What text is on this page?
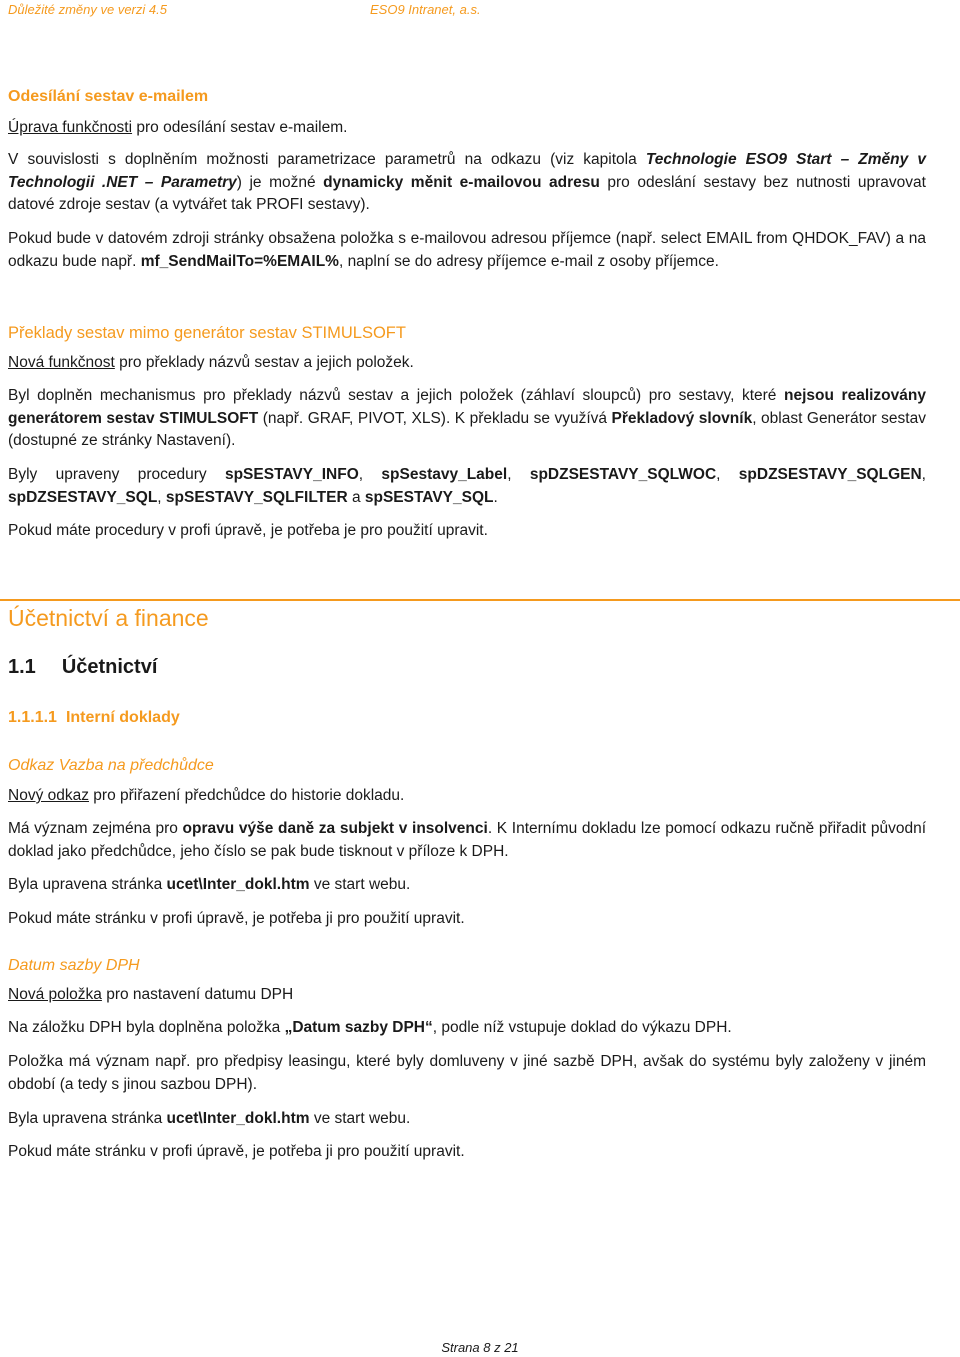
Důležité změny ve verzi 4.5	ESO9 Intranet, a.s.
Odesílání sestav e-mailem

Úprava funkčnosti pro odesílání sestav e-mailem.

V souvislosti s doplněním možnosti parametrizace parametrů na odkazu (viz kapitola Technologie ESO9 Start – Změny v Technologii .NET – Parametry) je možné dynamicky měnit e-mailovou adresu pro odeslání sestavy bez nutnosti upravovat datové zdroje sestav (a vytvářet tak PROFI sestavy).

Pokud bude v datovém zdroji stránky obsažena položka s e-mailovou adresou příjemce (např. select EMAIL from QHDOK_FAV) a na odkazu bude např. mf_SendMailTo=%EMAIL%, naplní se do adresy příjemce e-mail z osoby příjemce.

Překlady sestav mimo generátor sestav STIMULSOFT

Nová funkčnost pro překlady názvů sestav a jejich položek.

Byl doplněn mechanismus pro překlady názvů sestav a jejich položek (záhlaví sloupců) pro sestavy, které nejsou realizovány generátorem sestav STIMULSOFT (např. GRAF, PIVOT, XLS). K překladu se využívá Překladový slovník, oblast Generátor sestav (dostupné ze stránky Nastavení).

Byly upraveny procedury spSESTAVY_INFO, spSestavy_Label, spDZSESTAVY_SQLWOC, spDZSESTAVY_SQLGEN, spDZSESTAVY_SQL, spSESTAVY_SQLFILTER a spSESTAVY_SQL.

Pokud máte procedury v profi úpravě, je potřeba je pro použití upravit.

Účetnictví a finance
1.1 Účetnictví
1.1.1.1 Interní doklady
Odkaz Vazba na předchůdce

Nový odkaz pro přiřazení předchůdce do historie dokladu.

Má význam zejména pro opravu výše daně za subjekt v insolvenci. K Internímu dokladu lze pomocí odkazu ručně přiřadit původní doklad jako předchůdce, jeho číslo se pak bude tisknout v příloze k DPH.

Byla upravena stránka ucet\Inter_dokl.htm ve start webu.

Pokud máte stránku v profi úpravě, je potřeba ji pro použití upravit.

Datum sazby DPH

Nová položka pro nastavení datumu DPH

Na záložku DPH byla doplněna položka „Datum sazby DPH“, podle níž vstupuje doklad do výkazu DPH.

Položka má význam např. pro předpisy leasingu, které byly domluveny v jiné sazbě DPH, avšak do systému byly založeny v jiném období (a tedy s jinou sazbou DPH).

Byla upravena stránka ucet\Inter_dokl.htm ve start webu.

Pokud máte stránku v profi úpravě, je potřeba ji pro použití upravit.

Strana 8 z 21
